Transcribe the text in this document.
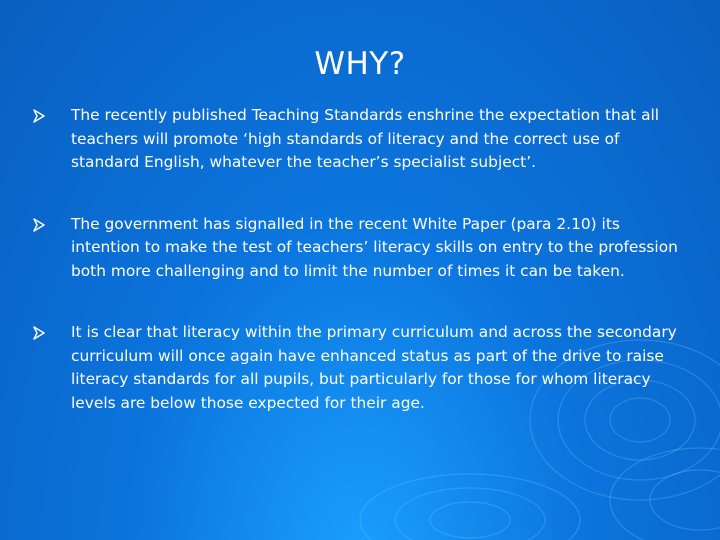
WHY?
The recently published Teaching Standards enshrine the expectation that all teachers will promote ‘high standards of literacy and the correct use of standard English, whatever the teacher’s specialist subject’.
The government has signalled in the recent White Paper (para 2.10) its intention to make the test of teachers’ literacy skills on entry to the profession both more challenging and to limit the number of times it can be taken.
It is clear that literacy within the primary curriculum and across the secondary curriculum will once again have enhanced status as part of the drive to raise literacy standards for all pupils, but particularly for those for whom literacy levels are below those expected for their age.
